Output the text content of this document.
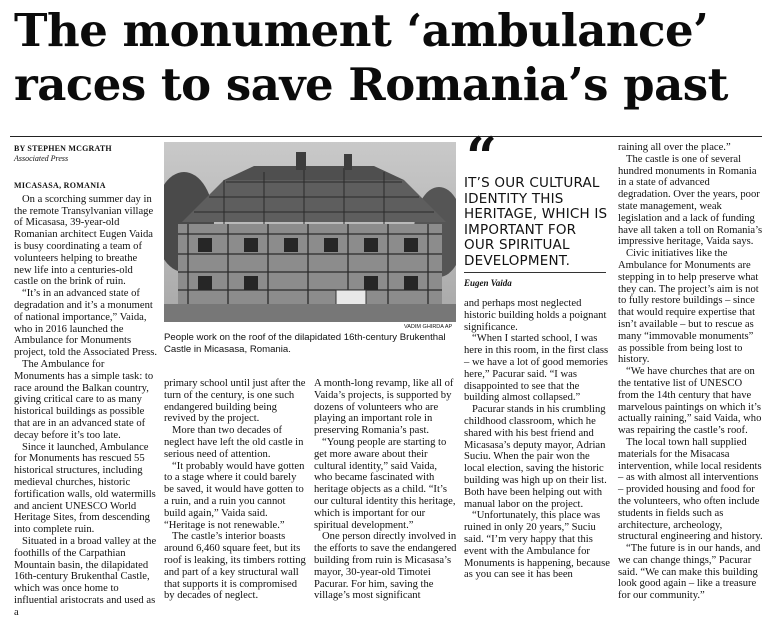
The monument ‘ambulance’
races to save Romania’s past
BY STEPHEN MCGRATH
Associated Press

MICASASA, ROMANIA

On a scorching summer day in the remote Transylvanian village of Micasasa, 39-year-old Romanian architect Eugen Vaida is busy coordinating a team of volunteers helping to breathe new life into a centuries-old castle on the brink of ruin.

“It’s in an advanced state of degradation and it’s a monument of national importance,” Vaida, who in 2016 launched the Ambulance for Monuments project, told the Associated Press.

The Ambulance for Monuments has a simple task: to race around the Balkan country, giving critical care to as many historical buildings as possible that are in an advanced state of decay before it’s too late.

Since it launched, Ambulance for Monuments has rescued 55 historical structures, including medieval churches, historic fortification walls, old watermills and ancient UNESCO World Heritage Sites, from descending into complete ruin.

Situated in a broad valley at the foothills of the Carpathian Mountain basin, the dilapidated 16th-century Brukenthal Castle, which was once home to influential aristocrats and used as a

VADIM GHIRDA AP
People work on the roof of the dilapidated 16th-century Brukenthal Castle in Micasasa, Romania.

primary school until just after the turn of the century, is one such endangered building being revived by the project.

More than two decades of neglect have left the old castle in serious need of attention.

“It probably would have gotten to a stage where it could barely be saved, it would have gotten to a ruin, and a ruin you cannot build again,” Vaida said. “Heritage is not renewable.”

The castle’s interior boasts around 6,460 square feet, but its roof is leaking, its timbers rotting and part of a key structural wall that supports it is compromised by decades of neglect.

A month-long revamp, like all of Vaida’s projects, is supported by dozens of volunteers who are playing an important role in preserving Romania’s past.

“Young people are starting to get more aware about their cultural identity,” said Vaida, who became fascinated with heritage objects as a child. “It’s our cultural identity this heritage, which is important for our spiritual development.”

One person directly involved in the efforts to save the endangered building from ruin is Micasasa’s mayor, 30-year-old Timotei Pacurar. For him, saving the village’s most significant

“
IT’S OUR CULTURAL IDENTITY THIS HERITAGE, WHICH IS IMPORTANT FOR OUR SPIRITUAL DEVELOPMENT.
Eugen Vaida

and perhaps most neglected historic building holds a poignant significance.

“When I started school, I was here in this room, in the first class – we have a lot of good memories here,” Pacurar said. “I was disappointed to see that the building almost collapsed.”

Pacurar stands in his crumbling childhood classroom, which he shared with his best friend and Micasasa’s deputy mayor, Adrian Suciu. When the pair won the local election, saving the historic building was high up on their list. Both have been helping out with manual labor on the project.

“Unfortunately, this place was ruined in only 20 years,” Suciu said. “I’m very happy that this event with the Ambulance for Monuments is happening, because as you can see it has been

raining all over the place.”

The castle is one of several hundred monuments in Romania in a state of advanced degradation. Over the years, poor state management, weak legislation and a lack of funding have all taken a toll on Romania’s impressive heritage, Vaida says.

Civic initiatives like the Ambulance for Monuments are stepping in to help preserve what they can. The project’s aim is not to fully restore buildings – since that would require expertise that isn’t available – but to rescue as many “immovable monuments” as possible from being lost to history.

“We have churches that are on the tentative list of UNESCO from the 14th century that have marvelous paintings on which it’s actually raining,” said Vaida, who was repairing the castle’s roof.

The local town hall supplied materials for the Misacasa intervention, while local residents – as with almost all interventions – provided housing and food for the volunteers, who often include students in fields such as architecture, archeology, structural engineering and history.

“The future is in our hands, and we can change things,” Pacurar said. “We can make this building look good again – like a treasure for our community.”
